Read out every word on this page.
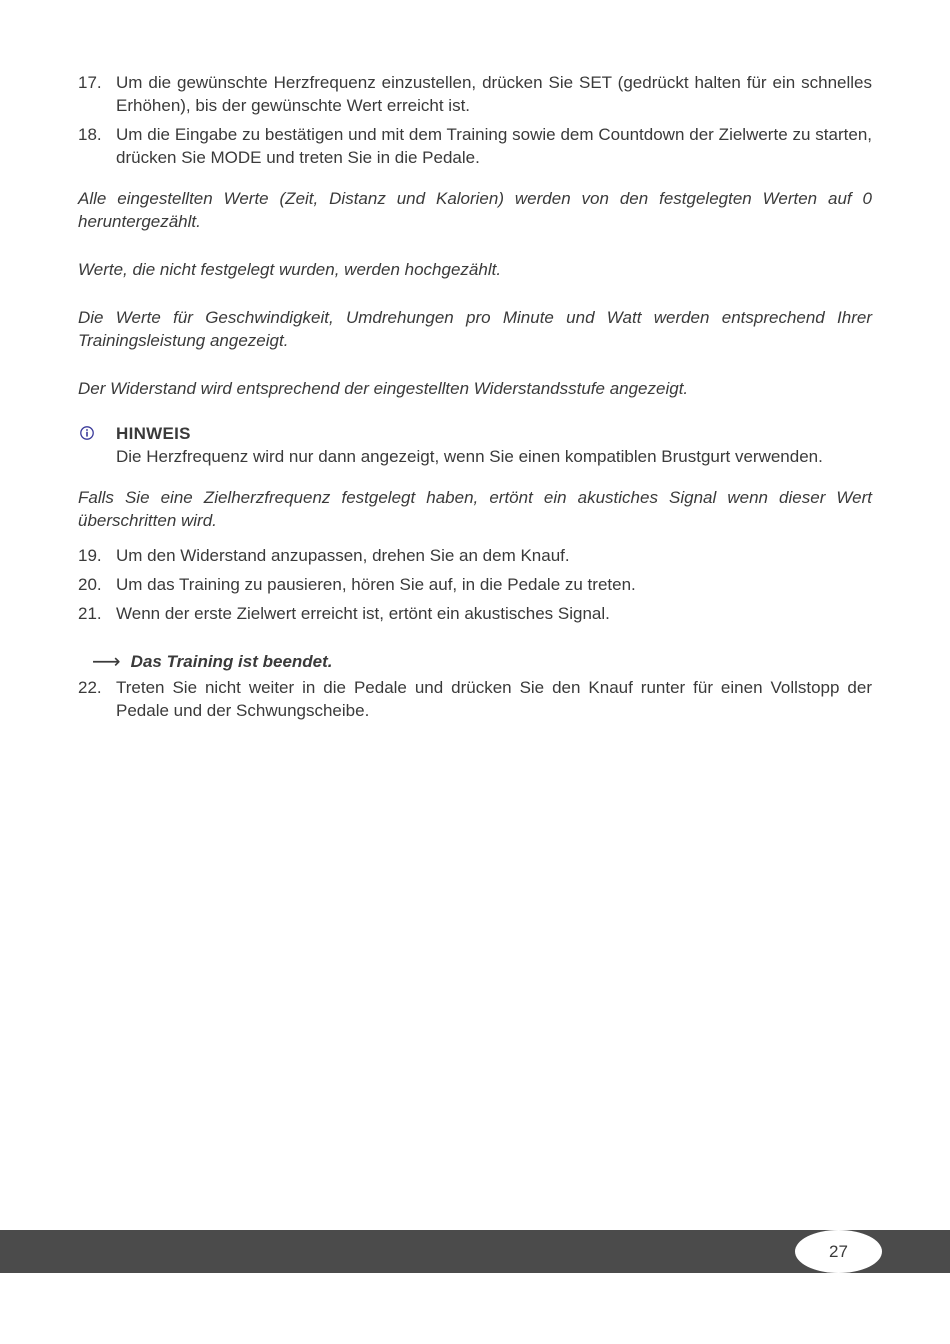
17. Um die gewünschte Herzfrequenz einzustellen, drücken Sie SET (gedrückt halten für ein schnelles Erhöhen), bis der gewünschte Wert erreicht ist.
18. Um die Eingabe zu bestätigen und mit dem Training sowie dem Countdown der Zielwerte zu starten, drücken Sie MODE und treten Sie in die Pedale.
Alle eingestellten Werte (Zeit, Distanz und Kalorien) werden von den festgelegten Werten auf 0 heruntergezählt.
Werte, die nicht festgelegt wurden, werden hochgezählt.
Die Werte für Geschwindigkeit, Umdrehungen pro Minute und Watt werden entsprechend Ihrer Trainingsleistung angezeigt.
Der Widerstand wird entsprechend der eingestellten Widerstandsstufe angezeigt.
HINWEIS
Die Herzfrequenz wird nur dann angezeigt, wenn Sie einen kompatiblen Brustgurt verwenden.
Falls Sie eine Zielherzfrequenz festgelegt haben, ertönt ein akustiches Signal wenn dieser Wert überschritten wird.
19. Um den Widerstand anzupassen, drehen Sie an dem Knauf.
20. Um das Training zu pausieren, hören Sie auf, in die Pedale zu treten.
21. Wenn der erste Zielwert erreicht ist, ertönt ein akustisches Signal.
⟶ Das Training ist beendet.
22. Treten Sie nicht weiter in die Pedale und drücken Sie den Knauf runter für einen Vollstopp der Pedale und der Schwungscheibe.
27
